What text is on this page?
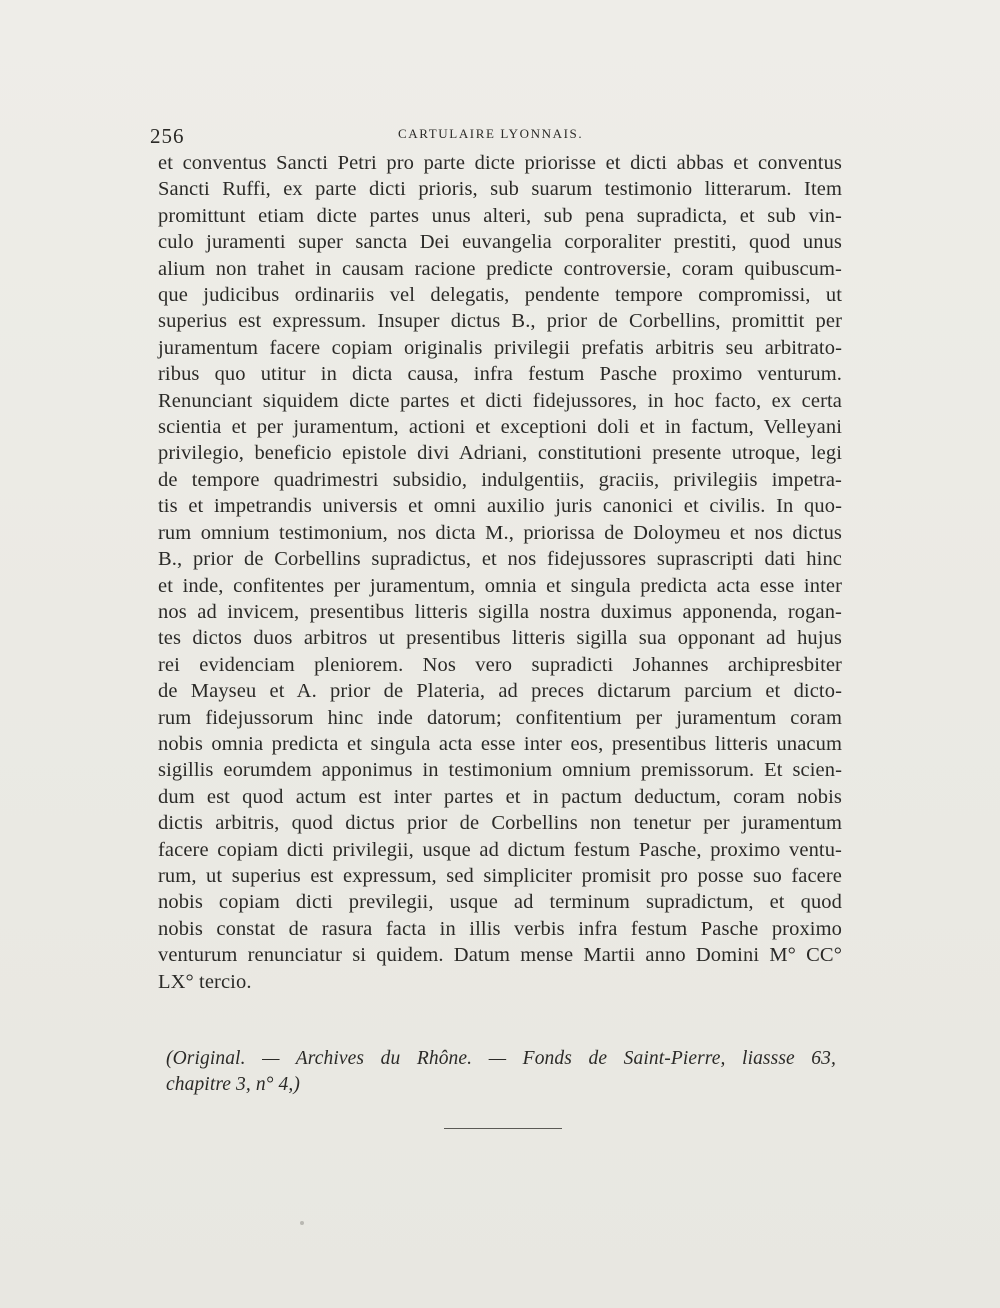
256	CARTULAIRE LYONNAIS.
et conventus Sancti Petri pro parte dicte priorisse et dicti abbas et conventus
Sancti Ruffi, ex parte dicti prioris, sub suarum testimonio litterarum. Item
promittunt etiam dicte partes unus alteri, sub pena supradicta, et sub vin-
culo juramenti super sancta Dei euvangelia corporaliter prestiti, quod unus
alium non trahet in causam racione predicte controversie, coram quibuscum-
que judicibus ordinariis vel delegatis, pendente tempore compromissi, ut
superius est expressum. Insuper dictus B., prior de Corbellins, promittit per
juramentum facere copiam originalis privilegii prefatis arbitris seu arbitrato-
ribus quo utitur in dicta causa, infra festum Pasche proximo venturum.
Renunciant siquidem dicte partes et dicti fidejussores, in hoc facto, ex certa
scientia et per juramentum, actioni et exceptioni doli et in factum, Velleyani
privilegio, beneficio epistole divi Adriani, constitutioni presente utroque, legi
de tempore quadrimestri subsidio, indulgentiis, graciis, privilegiis impetra-
tis et impetrandis universis et omni auxilio juris canonici et civilis. In quo-
rum omnium testimonium, nos dicta M., priorissa de Doloymeu et nos dictus
B., prior de Corbellins supradictus, et nos fidejussores suprascripti dati hinc
et inde, confitentes per juramentum, omnia et singula predicta acta esse inter
nos ad invicem, presentibus litteris sigilla nostra duximus apponenda, rogan-
tes dictos duos arbitros ut presentibus litteris sigilla sua opponant ad hujus
rei evidenciam pleniorem. Nos vero supradicti Johannes archipresbiter
de Mayseu et A. prior de Plateria, ad preces dictarum parcium et dicto-
rum fidejussorum hinc inde datorum; confitentium per juramentum coram
nobis omnia predicta et singula acta esse inter eos, presentibus litteris unacum
sigillis eorumdem apponimus in testimonium omnium premissorum. Et scien-
dum est quod actum est inter partes et in pactum deductum, coram nobis
dictis arbitris, quod dictus prior de Corbellins non tenetur per juramentum
facere copiam dicti privilegii, usque ad dictum festum Pasche, proximo ventu-
rum, ut superius est expressum, sed simpliciter promisit pro posse suo facere
nobis copiam dicti previlegii, usque ad terminum supradictum, et quod
nobis constat de rasura facta in illis verbis infra festum Pasche proximo
venturum renunciatur si quidem. Datum mense Martii anno Domini M° CC°
LX° tercio.
(Original. — Archives du Rhône. — Fonds de Saint-Pierre, liassse 63,
chapitre 3, n° 4,)
